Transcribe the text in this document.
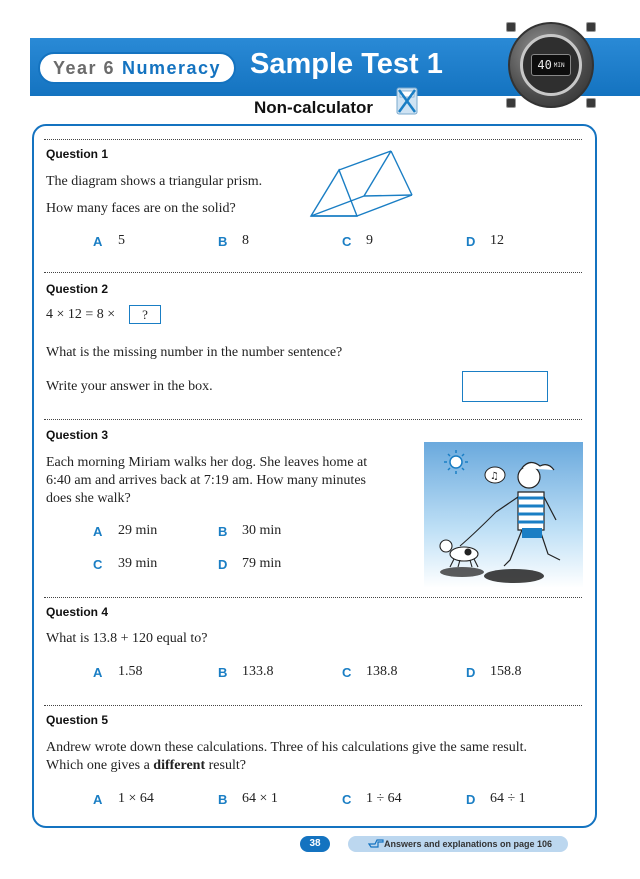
Year 6 Numeracy Sample Test 1	40 MIN
Non-calculator
Question 1
The diagram shows a triangular prism.
How many faces are on the solid?
A 5	B 8	C 9	D 12
Question 2
4 × 12 = 8 ×	?
What is the missing number in the number sentence?
Write your answer in the box.
Question 3
Each morning Miriam walks her dog. She leaves home at
6:40 am and arrives back at 7:19 am. How many minutes
does she walk?
♫
A 29 min	B 30 min
C 39 min	D 79 min
Question 4
What is 13.8 + 120 equal to?
A 1.58	B 133.8	C 138.8	D 158.8
Question 5
Andrew wrote down these calculations. Three of his calculations give the same result.
Which one gives a different result?
A 1 × 64	B 64 × 1	C 1 ÷ 64	D 64 ÷ 1
38	Answers and explanations on page 106
